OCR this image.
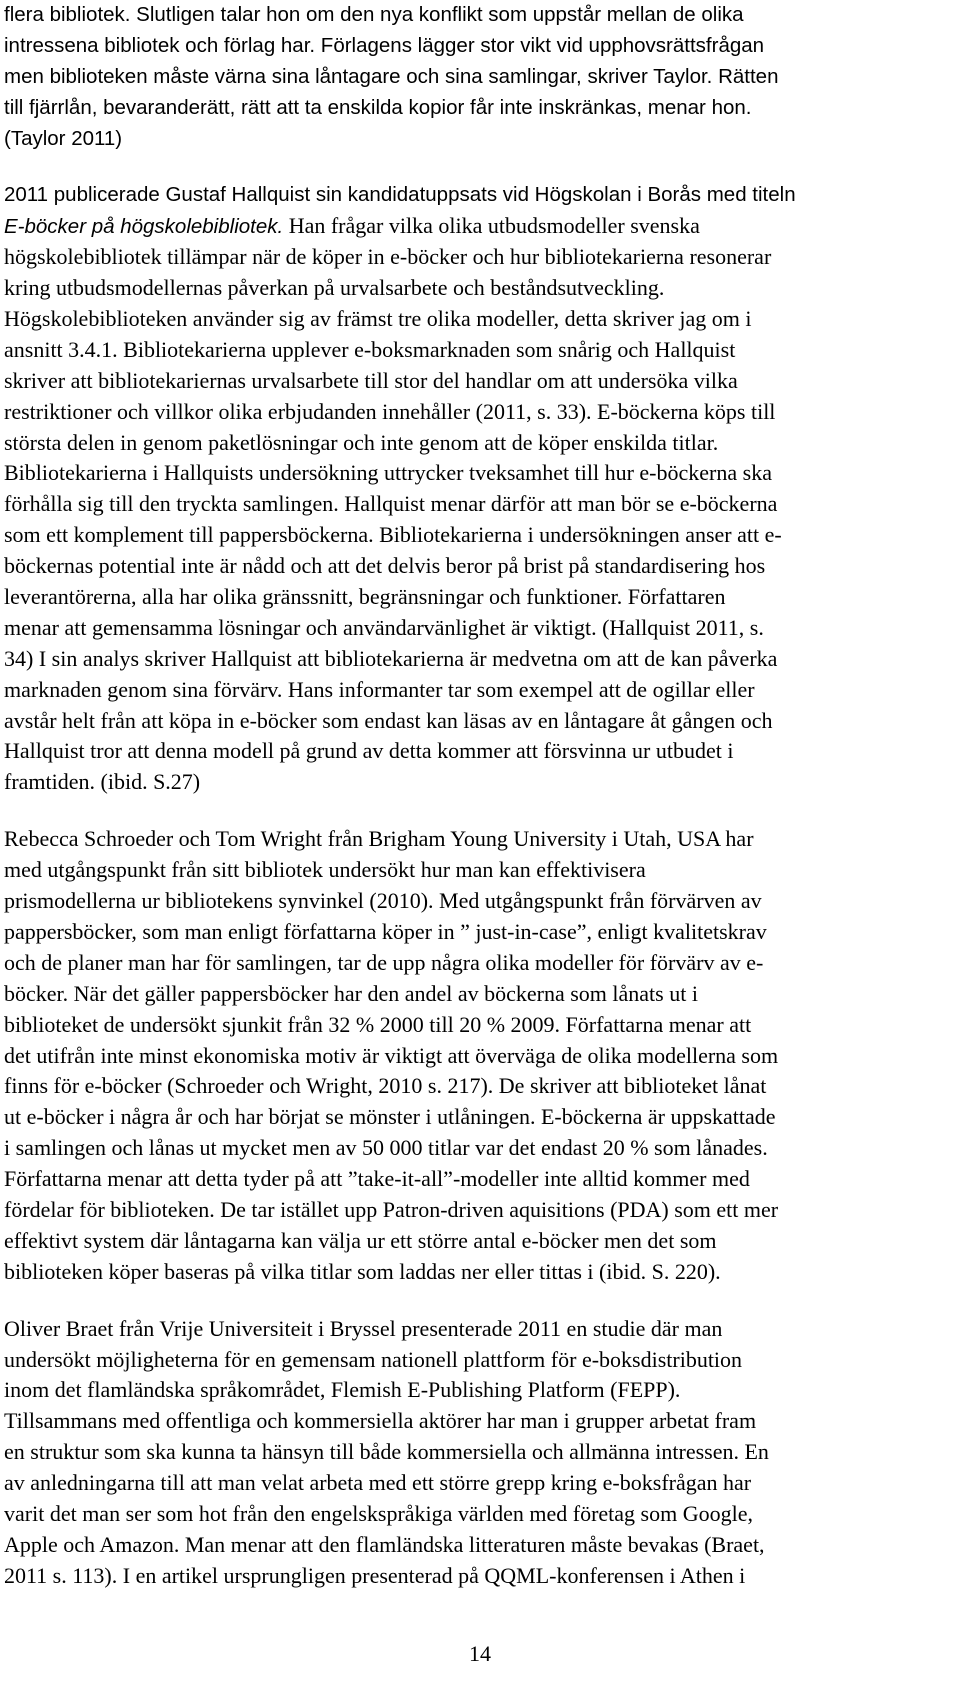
flera bibliotek. Slutligen talar hon om den nya konflikt som uppstår mellan de olika
intressena bibliotek och förlag har. Förlagens lägger stor vikt vid upphovsrättsfrågan
men biblioteken måste värna sina låntagare och sina samlingar, skriver Taylor. Rätten
till fjärrlån, bevaranderätt, rätt att ta enskilda kopior får inte inskränkas, menar hon.
(Taylor 2011)
2011 publicerade Gustaf Hallquist sin kandidatuppsats vid Högskolan i Borås med titeln
E-böcker på högskolebibliotek. Han frågar vilka olika utbudsmodeller svenska
högskolebibliotek tillämpar när de köper in e-böcker och hur bibliotekarierna resonerar
kring utbudsmodellernas påverkan på urvalsarbete och beståndsutveckling.
Högskolebiblioteken använder sig av främst tre olika modeller, detta skriver jag om i
ansnitt 3.4.1. Bibliotekarierna upplever e-boksmarknaden som snårig och Hallquist
skriver att bibliotekariernas urvalsarbete till stor del handlar om att undersöka vilka
restriktioner och villkor olika erbjudanden innehåller (2011, s. 33). E-böckerna köps till
största delen in genom paketlösningar och inte genom att de köper enskilda titlar.
Bibliotekarierna i Hallquists undersökning uttrycker tveksamhet till hur e-böckerna ska
förhålla sig till den tryckta samlingen. Hallquist menar därför att man bör se e-böckerna
som ett komplement till pappersböckerna. Bibliotekarierna i undersökningen anser att e-
böckernas potential inte är nådd och att det delvis beror på brist på standardisering hos
leverantörerna, alla har olika gränssnitt, begränsningar och funktioner. Författaren
menar att gemensamma lösningar och användarvänlighet är viktigt. (Hallquist 2011, s.
34) I sin analys skriver Hallquist att bibliotekarierna är medvetna om att de kan påverka
marknaden genom sina förvärv. Hans informanter tar som exempel att de ogillar eller
avstår helt från att köpa in e-böcker som endast kan läsas av en låntagare åt gången och
Hallquist tror att denna modell på grund av detta kommer att försvinna ur utbudet i
framtiden. (ibid. S.27)
Rebecca Schroeder och Tom Wright från Brigham Young University i Utah, USA har
med utgångspunkt från sitt bibliotek undersökt hur man kan effektivisera
prismodellerna ur bibliotekens synvinkel (2010). Med utgångspunkt från förvärven av
pappersböcker, som man enligt författarna köper in ” just-in-case”, enligt kvalitetskrav
och de planer man har för samlingen, tar de upp några olika modeller för förvärv av e-
böcker. När det gäller pappersböcker har den andel av böckerna som lånats ut i
biblioteket de undersökt sjunkit från 32 % 2000 till 20 % 2009. Författarna menar att
det utifrån inte minst ekonomiska motiv är viktigt att överväga de olika modellerna som
finns för e-böcker (Schroeder och Wright, 2010 s. 217). De skriver att biblioteket lånat
ut e-böcker i några år och har börjat se mönster i utlåningen. E-böckerna är uppskattade
i samlingen och lånas ut mycket men av 50 000 titlar var det endast 20 % som lånades.
Författarna menar att detta tyder på att ”take-it-all”-modeller inte alltid kommer med
fördelar för biblioteken. De tar istället upp Patron-driven aquisitions (PDA) som ett mer
effektivt system där låntagarna kan välja ur ett större antal e-böcker men det som
biblioteken köper baseras på vilka titlar som laddas ner eller tittas i (ibid. S. 220).
Oliver Braet från Vrije Universiteit i Bryssel presenterade 2011 en studie där man
undersökt möjligheterna för en gemensam nationell plattform för e-boksdistribution
inom det flamländska språkområdet, Flemish E-Publishing Platform (FEPP).
Tillsammans med offentliga och kommersiella aktörer har man i grupper arbetat fram
en struktur som ska kunna ta hänsyn till både kommersiella och allmänna intressen. En
av anledningarna till att man velat arbeta med ett större grepp kring e-boksfrågan har
varit det man ser som hot från den engelskspråkiga världen med företag som Google,
Apple och Amazon. Man menar att den flamländska litteraturen måste bevakas (Braet,
2011 s. 113). I en artikel ursprungligen presenterad på QQML-konferensen i Athen i
14
